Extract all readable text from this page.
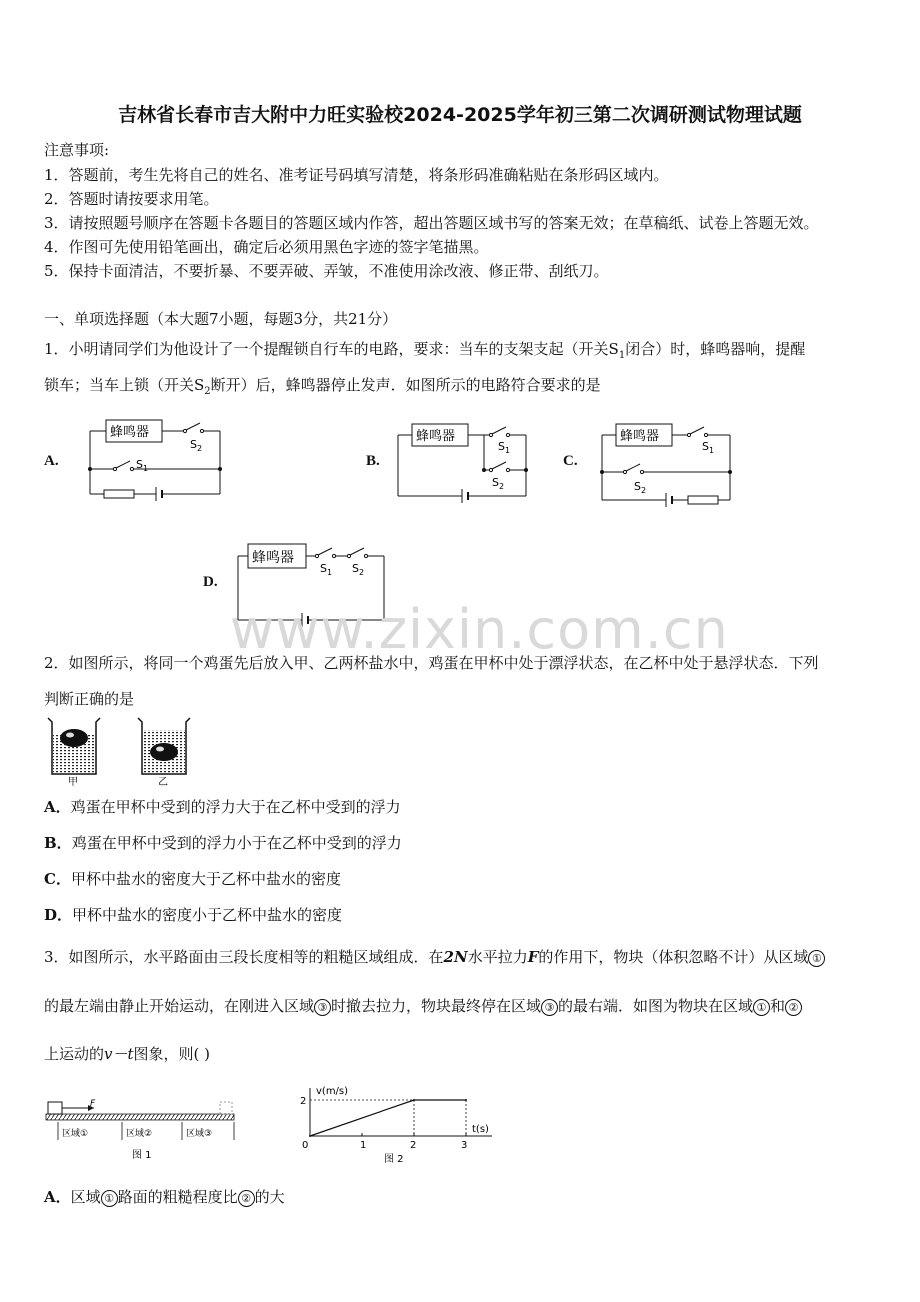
吉林省长春市吉大附中力旺实验校2024-2025学年初三第二次调研测试物理试题
注意事项:
1．答题前，考生先将自己的姓名、准考证号码填写清楚，将条形码准确粘贴在条形码区域内。
2．答题时请按要求用笔。
3．请按照题号顺序在答题卡各题目的答题区域内作答，超出答题区域书写的答案无效；在草稿纸、试卷上答题无效。
4．作图可先使用铅笔画出，确定后必须用黑色字迹的签字笔描黑。
5．保持卡面清洁，不要折暴、不要弄破、弄皱，不准使用涂改液、修正带、刮纸刀。
一、单项选择题（本大题7小题，每题3分，共21分）
1．小明请同学们为他设计了一个提醒锁自行车的电路，要求：当车的支架支起（开关$S_1$闭合）时，蜂鸣器响，提醒
锁车；当车上锁（开关$S_2$断开）后，蜂鸣器停止发声．如图所示的电路符合要求的是
A.	B.	C.
D.
蜂鸣器
$S_2$
$S_1$
蜂鸣器
$S_1$
$S_2$
蜂鸣器
$S_1$
$S_2$
蜂鸣器
$S_1$ $S_2$
www.zixin.com.cn
2．如图所示，将同一个鸡蛋先后放入甲、乙两杯盐水中，鸡蛋在甲杯中处于漂浮状态，在乙杯中处于悬浮状态．下列
判断正确的是
甲	乙
A．鸡蛋在甲杯中受到的浮力大于在乙杯中受到的浮力
B．鸡蛋在甲杯中受到的浮力小于在乙杯中受到的浮力
C．甲杯中盐水的密度大于乙杯中盐水的密度
D．甲杯中盐水的密度小于乙杯中盐水的密度
3．如图所示，水平路面由三段长度相等的粗糙区域组成．在2N水平拉力F的作用下，物块（体积忽略不计）从区域 ①
的最左端由静止开始运动，在刚进入区域 ③ 时撤去拉力，物块最终停在区域 ③ 的最右端．如图为物块在区域 ① 和 ②
上运动的v－t图象，则( )
F
区域①	区域②	区域③
图 1
v(m/s)
t(s)
2
0	1	2	3
图 2
A．区域 ① 路面的粗糙程度比 ② 的大
